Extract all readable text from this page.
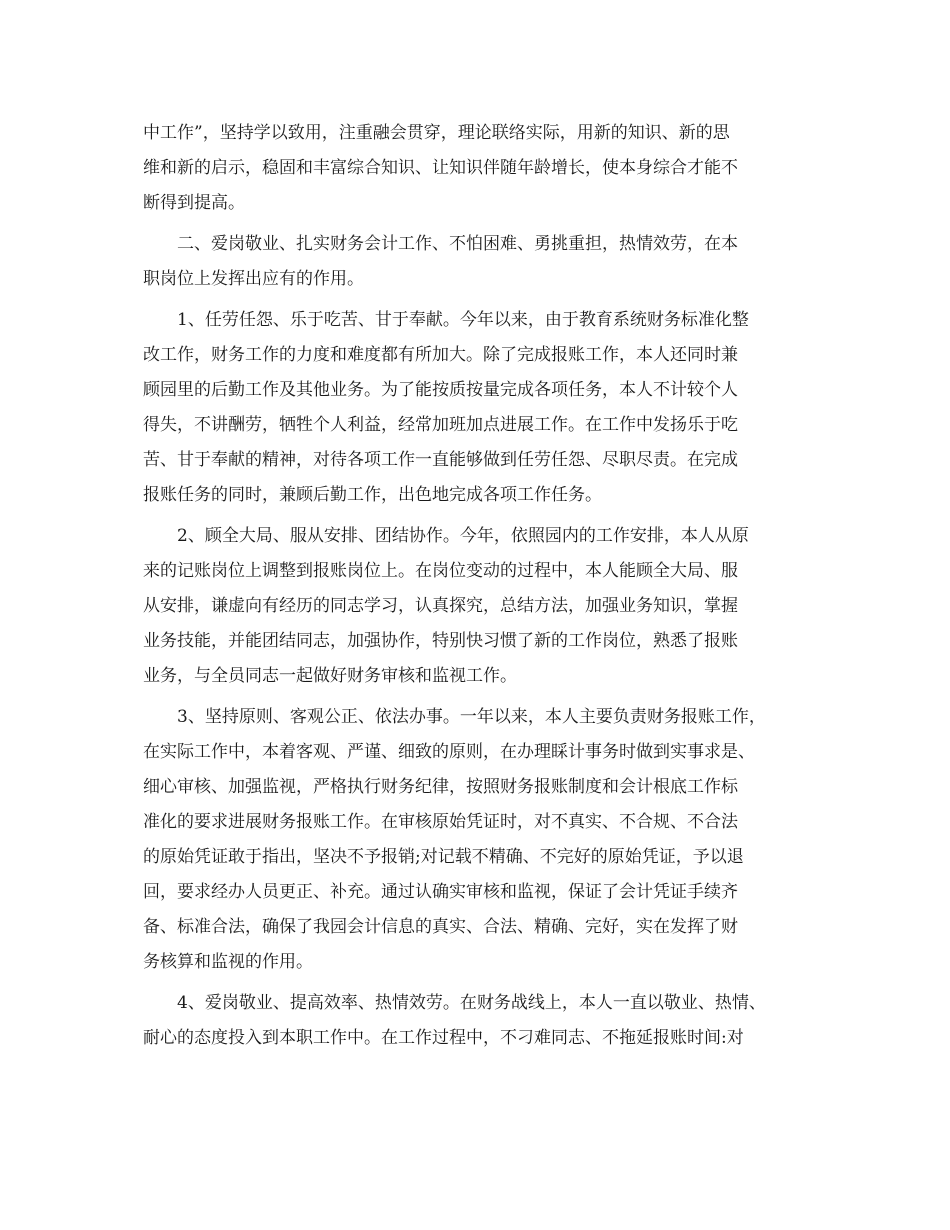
中工作”，坚持学以致用，注重融会贯穿，理论联络实际，用新的知识、新的思
维和新的启示，稳固和丰富综合知识、让知识伴随年龄增长，使本身综合才能不
断得到提高。
二、爱岗敬业、扎实财务会计工作、不怕困难、勇挑重担，热情效劳，在本
职岗位上发挥出应有的作用。
1、任劳任怨、乐于吃苦、甘于奉献。今年以来，由于教育系统财务标准化整
改工作，财务工作的力度和难度都有所加大。除了完成报账工作，本人还同时兼
顾园里的后勤工作及其他业务。为了能按质按量完成各项任务，本人不计较个人
得失，不讲酬劳，牺牲个人利益，经常加班加点进展工作。在工作中发扬乐于吃
苦、甘于奉献的精神，对待各项工作一直能够做到任劳任怨、尽职尽责。在完成
报账任务的同时，兼顾后勤工作，出色地完成各项工作任务。
2、顾全大局、服从安排、团结协作。今年，依照园内的工作安排，本人从原
来的记账岗位上调整到报账岗位上。在岗位变动的过程中，本人能顾全大局、服
从安排，谦虚向有经历的同志学习，认真探究，总结方法，加强业务知识，掌握
业务技能，并能团结同志，加强协作，特别快习惯了新的工作岗位，熟悉了报账
业务，与全员同志一起做好财务审核和监视工作。
3、坚持原则、客观公正、依法办事。一年以来，本人主要负责财务报账工作，
在实际工作中，本着客观、严谨、细致的原则，在办理睬计事务时做到实事求是、
细心审核、加强监视，严格执行财务纪律，按照财务报账制度和会计根底工作标
准化的要求进展财务报账工作。在审核原始凭证时，对不真实、不合规、不合法
的原始凭证敢于指出，坚决不予报销;对记载不精确、不完好的原始凭证，予以退
回，要求经办人员更正、补充。通过认确实审核和监视，保证了会计凭证手续齐
备、标准合法，确保了我园会计信息的真实、合法、精确、完好，实在发挥了财
务核算和监视的作用。
4、爱岗敬业、提高效率、热情效劳。在财务战线上，本人一直以敬业、热情、
耐心的态度投入到本职工作中。在工作过程中，不刁难同志、不拖延报账时间:对
